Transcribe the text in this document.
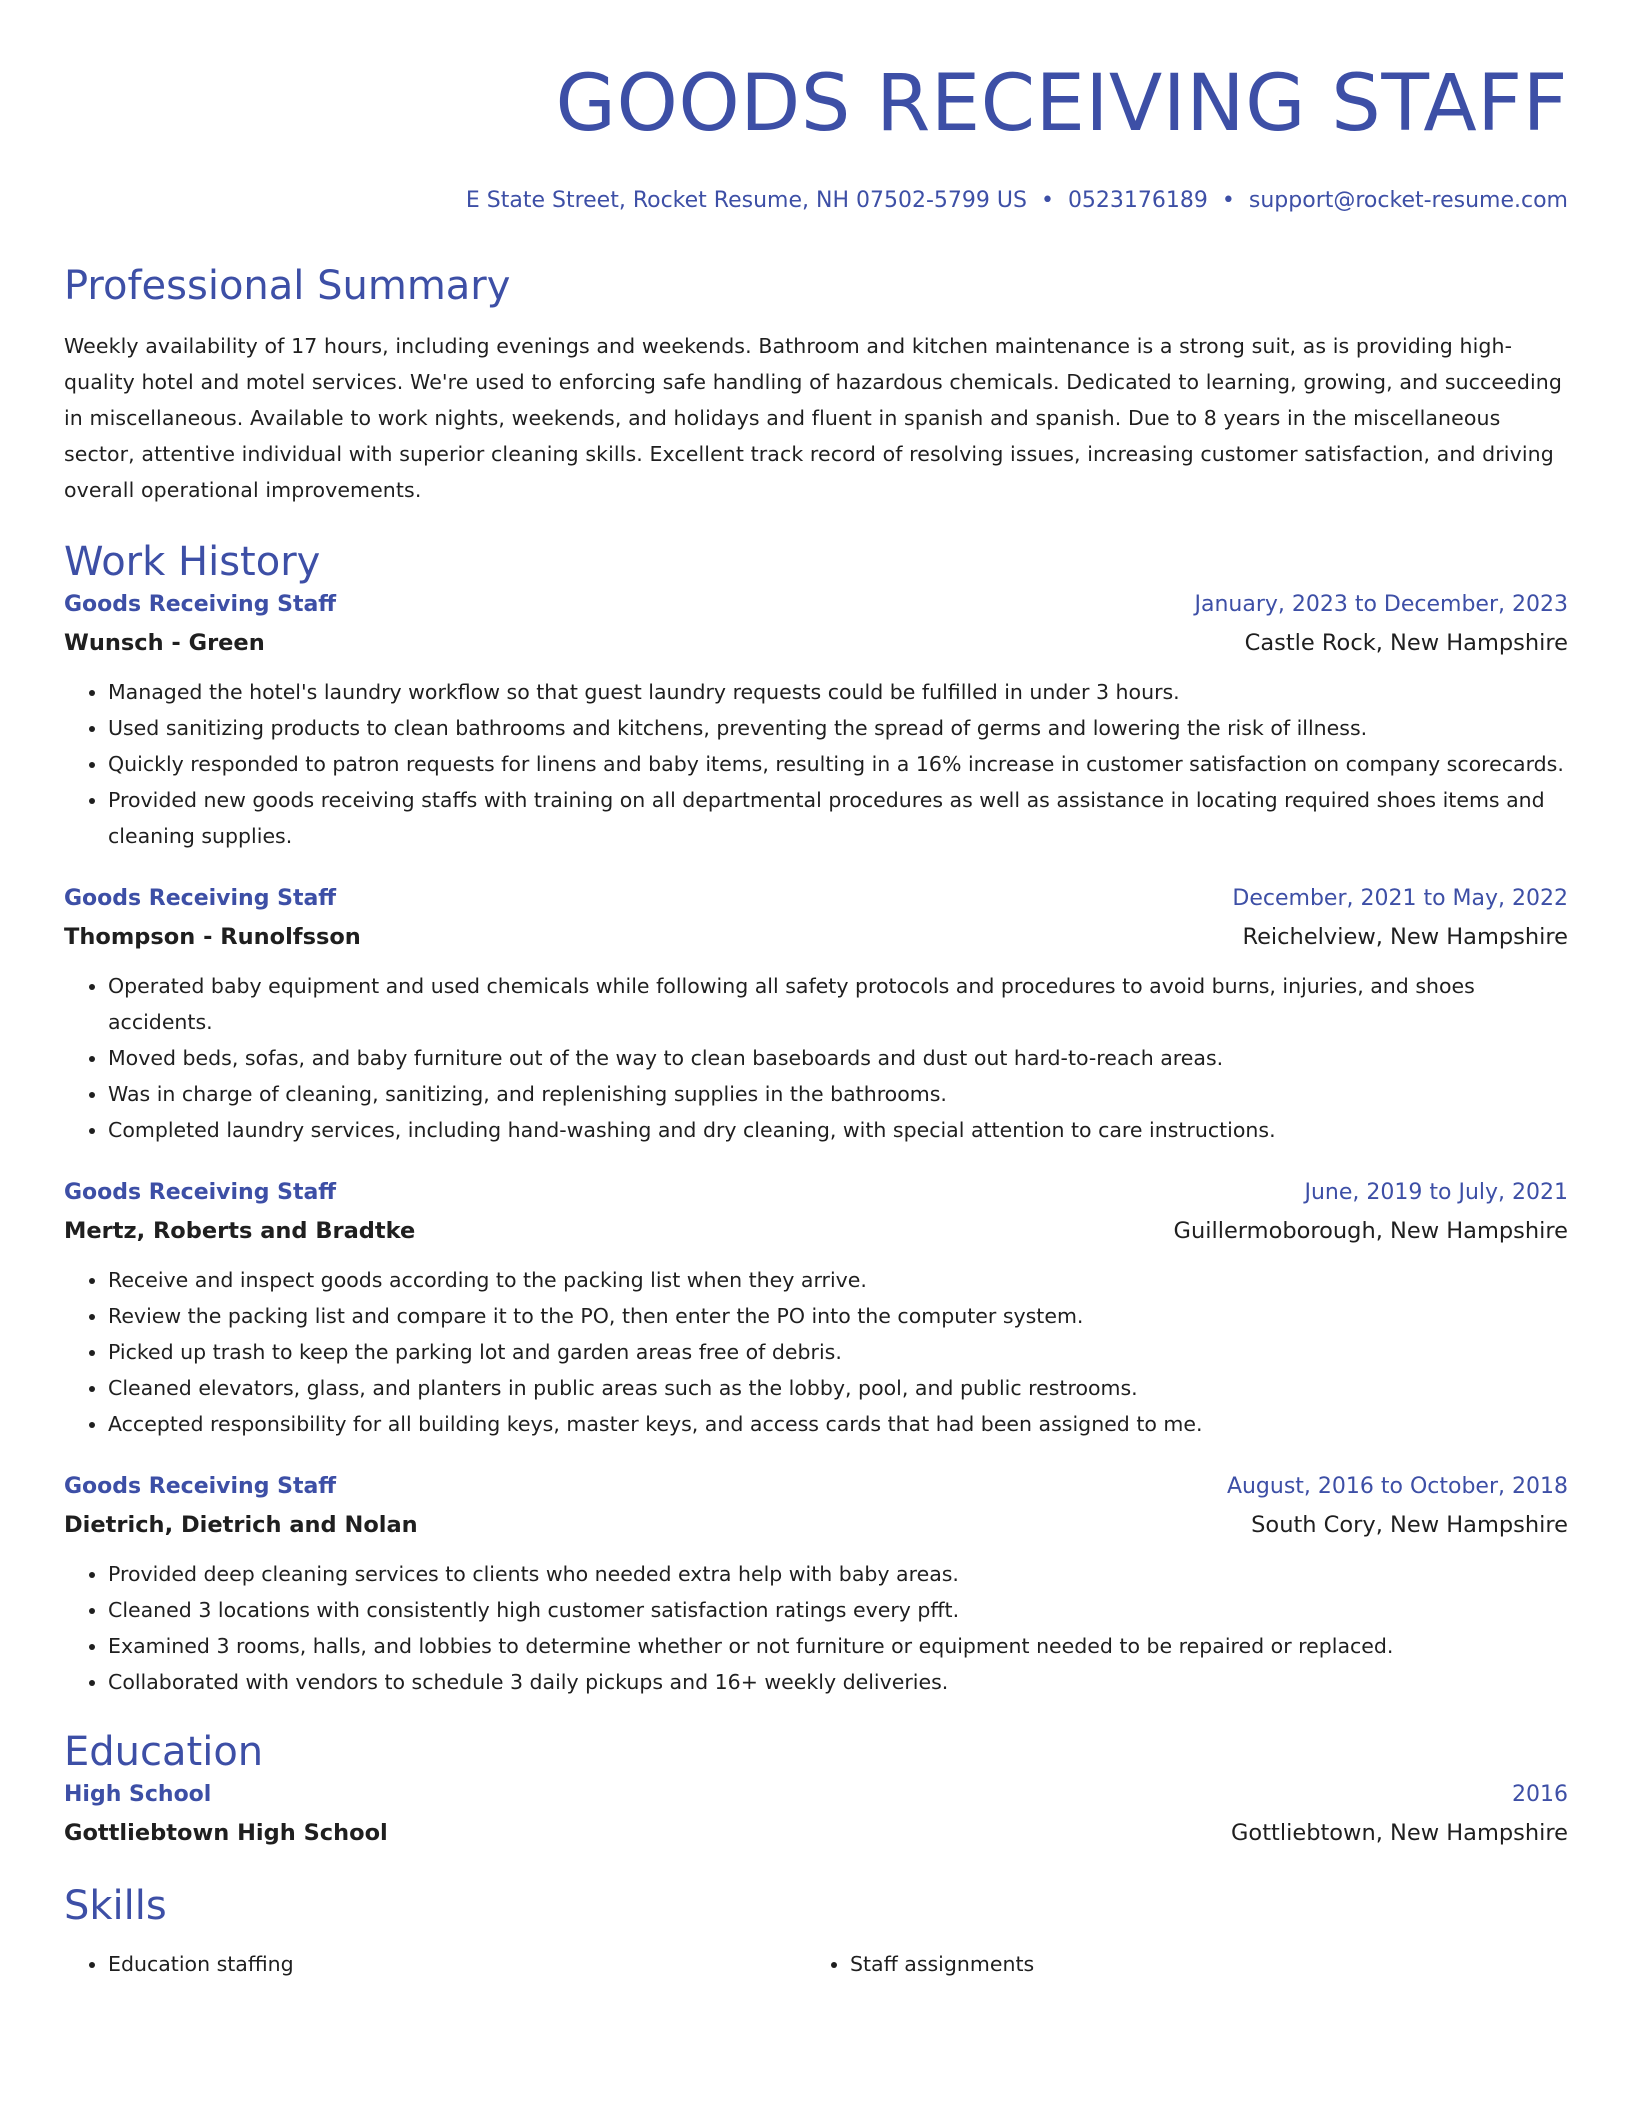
GOODS RECEIVING STAFF
E State Street, Rocket Resume, NH 07502-5799 US • 0523176189 • support@rocket-resume.com
Professional Summary
Weekly availability of 17 hours, including evenings and weekends. Bathroom and kitchen maintenance is a strong suit, as is providing high-quality hotel and motel services. We're used to enforcing safe handling of hazardous chemicals. Dedicated to learning, growing, and succeeding in miscellaneous. Available to work nights, weekends, and holidays and fluent in spanish and spanish. Due to 8 years in the miscellaneous sector, attentive individual with superior cleaning skills. Excellent track record of resolving issues, increasing customer satisfaction, and driving overall operational improvements.
Work History
Goods Receiving Staff	January, 2023 to December, 2023
Wunsch - Green	Castle Rock, New Hampshire
• Managed the hotel's laundry workflow so that guest laundry requests could be fulfilled in under 3 hours.
• Used sanitizing products to clean bathrooms and kitchens, preventing the spread of germs and lowering the risk of illness.
• Quickly responded to patron requests for linens and baby items, resulting in a 16% increase in customer satisfaction on company scorecards.
• Provided new goods receiving staffs with training on all departmental procedures as well as assistance in locating required shoes items and cleaning supplies.
Goods Receiving Staff	December, 2021 to May, 2022
Thompson - Runolfsson	Reichelview, New Hampshire
• Operated baby equipment and used chemicals while following all safety protocols and procedures to avoid burns, injuries, and shoes accidents.
• Moved beds, sofas, and baby furniture out of the way to clean baseboards and dust out hard-to-reach areas.
• Was in charge of cleaning, sanitizing, and replenishing supplies in the bathrooms.
• Completed laundry services, including hand-washing and dry cleaning, with special attention to care instructions.
Goods Receiving Staff	June, 2019 to July, 2021
Mertz, Roberts and Bradtke	Guillermoborough, New Hampshire
• Receive and inspect goods according to the packing list when they arrive.
• Review the packing list and compare it to the PO, then enter the PO into the computer system.
• Picked up trash to keep the parking lot and garden areas free of debris.
• Cleaned elevators, glass, and planters in public areas such as the lobby, pool, and public restrooms.
• Accepted responsibility for all building keys, master keys, and access cards that had been assigned to me.
Goods Receiving Staff	August, 2016 to October, 2018
Dietrich, Dietrich and Nolan	South Cory, New Hampshire
• Provided deep cleaning services to clients who needed extra help with baby areas.
• Cleaned 3 locations with consistently high customer satisfaction ratings every pfft.
• Examined 3 rooms, halls, and lobbies to determine whether or not furniture or equipment needed to be repaired or replaced.
• Collaborated with vendors to schedule 3 daily pickups and 16+ weekly deliveries.
Education
High School	2016
Gottliebtown High School	Gottliebtown, New Hampshire
Skills
• Education staffing
•	Staff assignments
